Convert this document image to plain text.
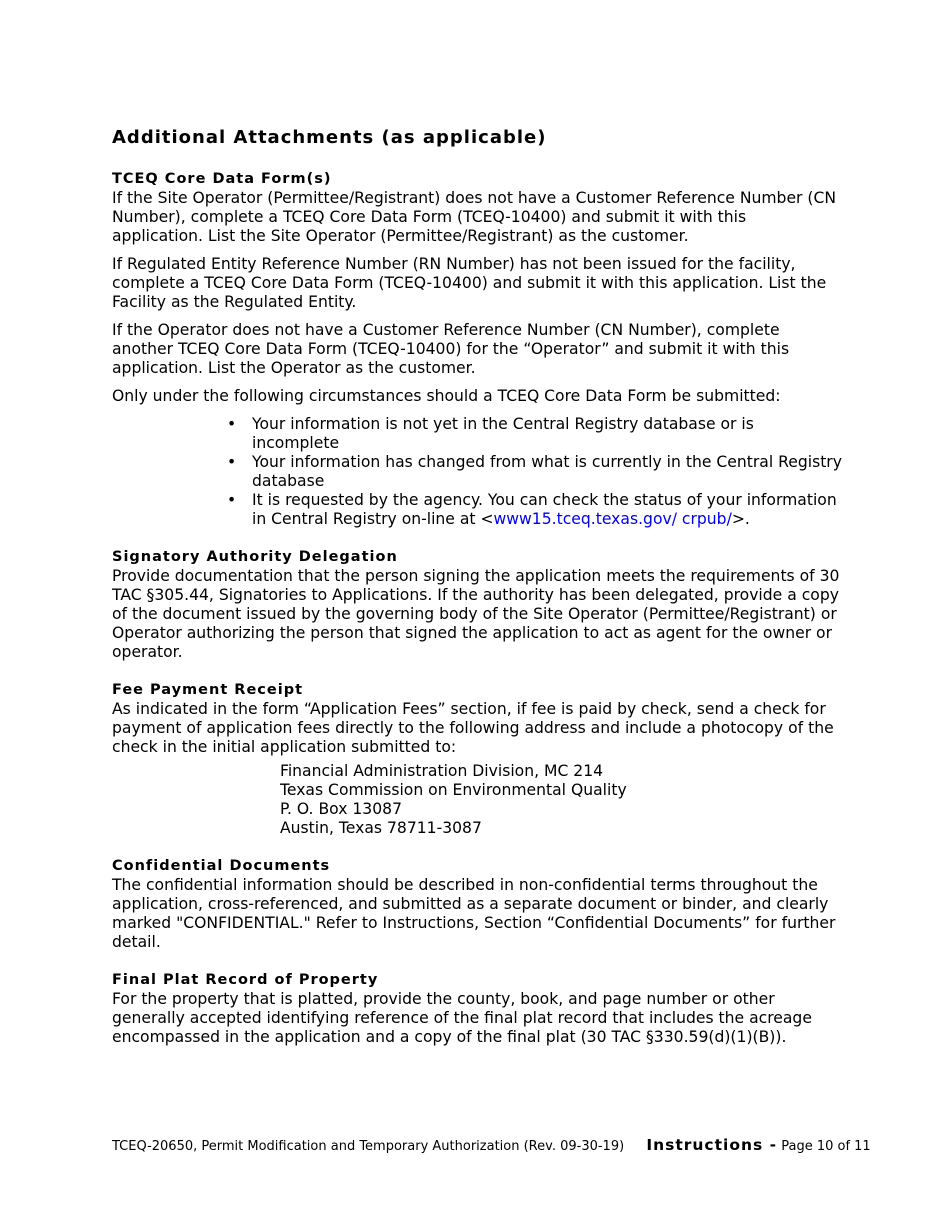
Additional Attachments (as applicable)
TCEQ Core Data Form(s)

If the Site Operator (Permittee/Registrant) does not have a Customer Reference Number (CN Number), complete a TCEQ Core Data Form (TCEQ-10400) and submit it with this application. List the Site Operator (Permittee/Registrant) as the customer.

If Regulated Entity Reference Number (RN Number) has not been issued for the facility, complete a TCEQ Core Data Form (TCEQ-10400) and submit it with this application. List the Facility as the Regulated Entity.

If the Operator does not have a Customer Reference Number (CN Number), complete another TCEQ Core Data Form (TCEQ-10400) for the “Operator” and submit it with this application. List the Operator as the customer.

Only under the following circumstances should a TCEQ Core Data Form be submitted:

• Your information is not yet in the Central Registry database or is incomplete
• Your information has changed from what is currently in the Central Registry database
• It is requested by the agency. You can check the status of your information in Central Registry on-line at <www15.tceq.texas.gov/ crpub/>.
Signatory Authority Delegation

Provide documentation that the person signing the application meets the requirements of 30 TAC §305.44, Signatories to Applications. If the authority has been delegated, provide a copy of the document issued by the governing body of the Site Operator (Permittee/Registrant) or Operator authorizing the person that signed the application to act as agent for the owner or operator.

Fee Payment Receipt

As indicated in the form “Application Fees” section, if fee is paid by check, send a check for payment of application fees directly to the following address and include a photocopy of the check in the initial application submitted to:

Financial Administration Division, MC 214
Texas Commission on Environmental Quality
P. O. Box 13087
Austin, Texas 78711-3087
Confidential Documents

The confidential information should be described in non-confidential terms throughout the application, cross-referenced, and submitted as a separate document or binder, and clearly marked "CONFIDENTIAL." Refer to Instructions, Section “Confidential Documents” for further detail.

Final Plat Record of Property

For the property that is platted, provide the county, book, and page number or other generally accepted identifying reference of the final plat record that includes the acreage encompassed in the application and a copy of the final plat (30 TAC §330.59(d)(1)(B)).

TCEQ-20650, Permit Modification and Temporary Authorization (Rev. 09-30-19) Instructions - Page 10 of 11
